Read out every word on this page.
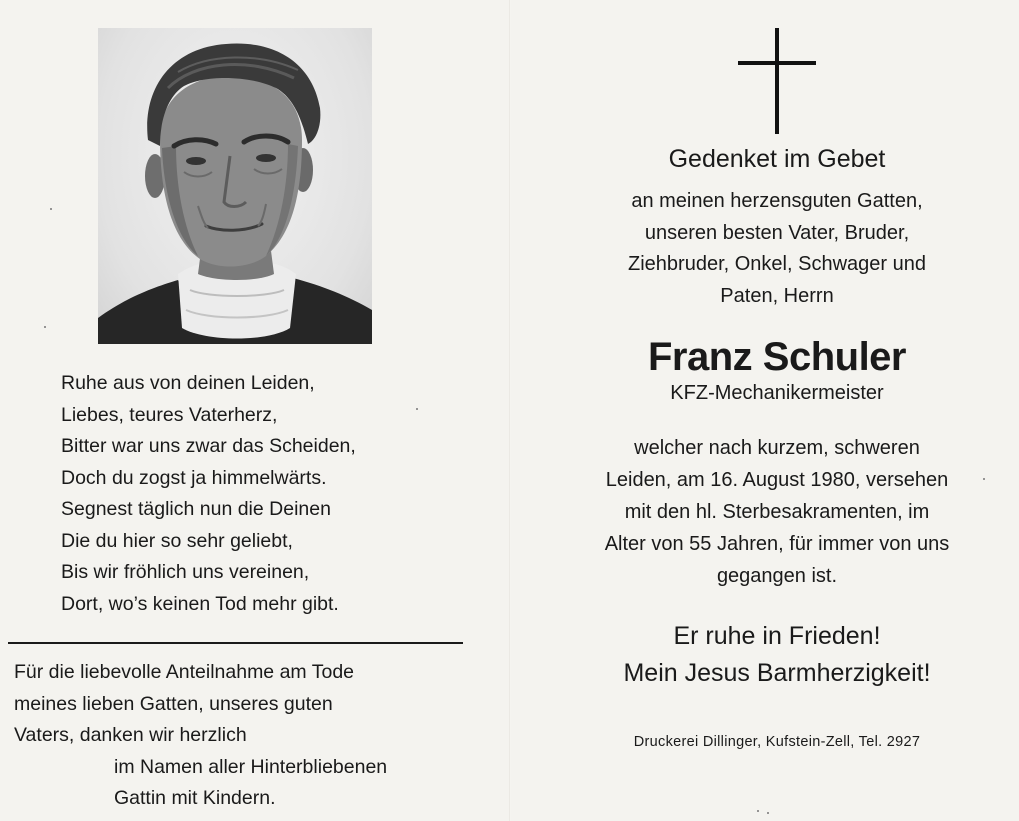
Ruhe aus von deinen Leiden,
Liebes, teures Vaterherz,
Bitter war uns zwar das Scheiden,
Doch du zogst ja himmelwärts.
Segnest täglich nun die Deinen
Die du hier so sehr geliebt,
Bis wir fröhlich uns vereinen,
Dort, wo’s keinen Tod mehr gibt.
Für die liebevolle Anteilnahme am Tode
meines lieben Gatten, unseres guten
Vaters, danken wir herzlich
im Namen aller Hinterbliebenen
Gattin mit Kindern.
Gedenket im Gebet
an meinen herzensguten Gatten,
unseren besten Vater, Bruder,
Ziehbruder, Onkel, Schwager und
Paten, Herrn
Franz Schuler
KFZ-Mechanikermeister
welcher nach kurzem, schweren
Leiden, am 16. August 1980, versehen
mit den hl. Sterbesakramenten, im
Alter von 55 Jahren, für immer von uns
gegangen ist.
Er ruhe in Frieden!
Mein Jesus Barmherzigkeit!
Druckerei Dillinger, Kufstein-Zell, Tel. 2927
